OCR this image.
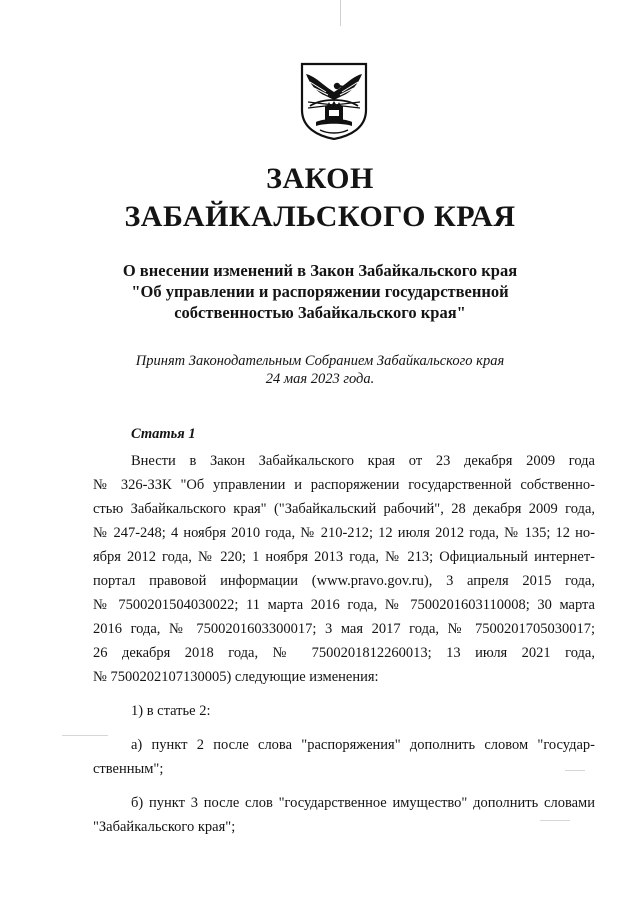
ЗАКОН
ЗАБАЙКАЛЬСКОГО КРАЯ
О внесении изменений в Закон Забайкальского края
"Об управлении и распоряжении государственной
собственностью Забайкальского края"
Принят Законодательным Собранием Забайкальского края
24 мая 2023 года.

Статья 1

Внести в Закон Забайкальского края от 23 декабря 2009 года

№ 326-ЗЗК "Об управлении и распоряжении государственной собственно-

стью Забайкальского края" ("Забайкальский рабочий", 28 декабря 2009 года,

№ 247-248; 4 ноября 2010 года, № 210-212; 12 июля 2012 года, № 135; 12 но-

ября 2012 года, № 220; 1 ноября 2013 года, № 213; Официальный интернет-

портал правовой информации (www.pravo.gov.ru), 3 апреля 2015 года,

№ 7500201504030022; 11 марта 2016 года, № 7500201603110008; 30 марта

2016 года, № 7500201603300017; 3 мая 2017 года, № 7500201705030017;

26 декабря 2018 года, № 7500201812260013; 13 июля 2021 года,

№ 7500202107130005) следующие изменения:

1) в статье 2:

а) пункт 2 после слова "распоряжения" дополнить словом "государ-

ственным";

б) пункт 3 после слов "государственное имущество" дополнить словами

"Забайкальского края";
